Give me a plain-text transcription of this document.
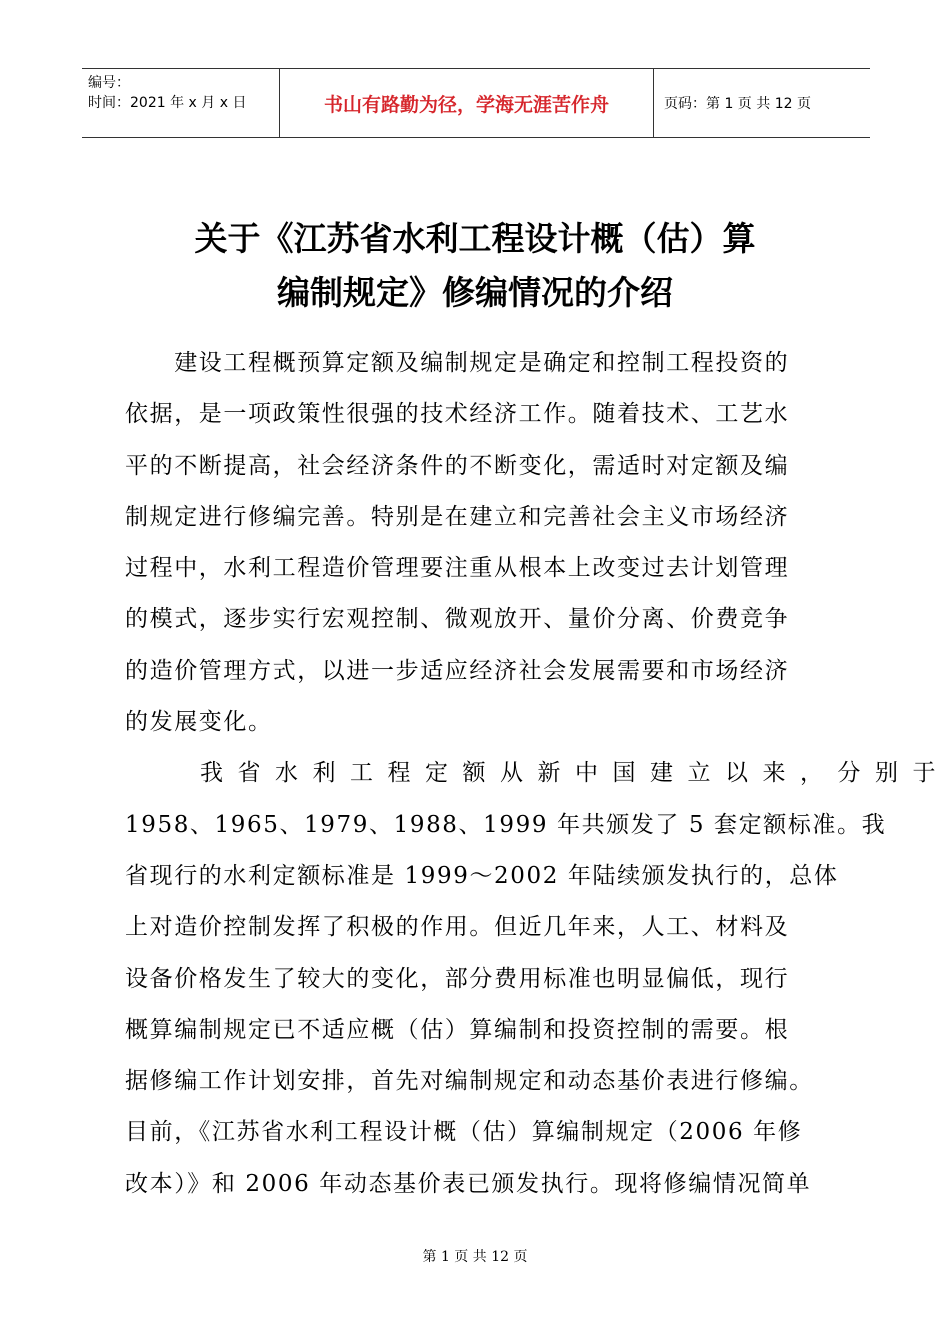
编号：
时间：2021 年 x 月 x 日	书山有路勤为径，学海无涯苦作舟	页码：第 1 页 共 12 页
关于《江苏省水利工程设计概（估）算
编制规定》修编情况的介绍
　　建设工程概预算定额及编制规定是确定和控制工程投资的
依据，是一项政策性很强的技术经济工作。随着技术、工艺水
平的不断提高，社会经济条件的不断变化，需适时对定额及编
制规定进行修编完善。特别是在建立和完善社会主义市场经济
过程中，水利工程造价管理要注重从根本上改变过去计划管理
的模式，逐步实行宏观控制、微观放开、量价分离、价费竞争
的造价管理方式，以进一步适应经济社会发展需要和市场经济
的发展变化。
　　我省水利工程定额从新中国建立以来，分别于
1958、1965、1979、1988、1999 年共颁发了 5 套定额标准。我
省现行的水利定额标准是 1999～2002 年陆续颁发执行的，总体
上对造价控制发挥了积极的作用。但近几年来，人工、材料及
设备价格发生了较大的变化，部分费用标准也明显偏低，现行
概算编制规定已不适应概（估）算编制和投资控制的需要。根
据修编工作计划安排，首先对编制规定和动态基价表进行修编。
目前，《江苏省水利工程设计概（估）算编制规定（2006 年修
改本）》和 2006 年动态基价表已颁发执行。现将修编情况简单
第 1 页 共 12 页
